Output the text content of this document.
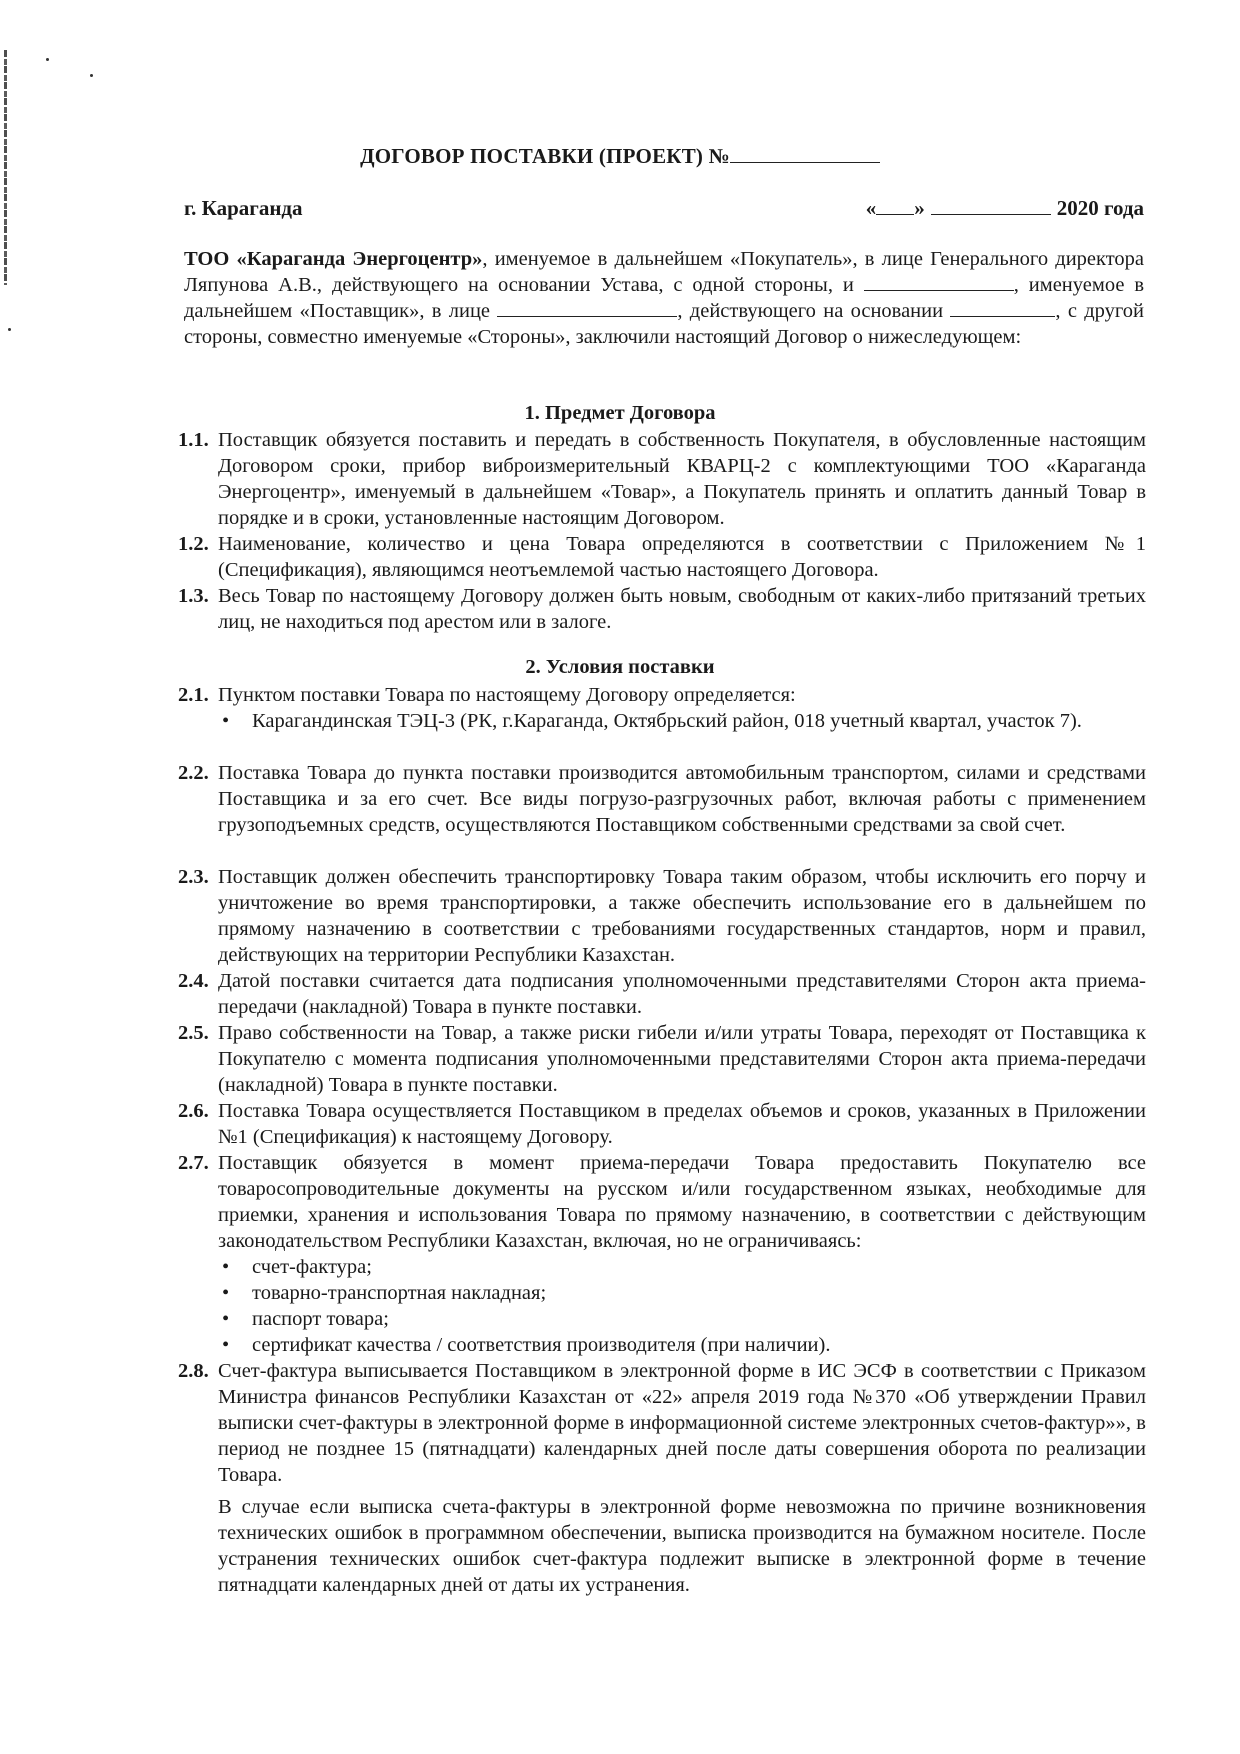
ДОГОВОР ПОСТАВКИ (ПРОЕКТ) №
г. Караганда	« »	2020 года
ТОО «Караганда Энергоцентр», именуемое в дальнейшем «Покупатель», в лице Генерального директора Ляпунова А.В., действующего на основании Устава, с одной стороны, и	, именуемое в дальнейшем «Поставщик», в лице	, действующего на основании	, с другой стороны, совместно именуемые «Стороны», заключили настоящий Договор о нижеследующем:
1. Предмет Договора
1.1. Поставщик обязуется поставить и передать в собственность Покупателя, в обусловленные настоящим Договором сроки, прибор виброизмерительный КВАРЦ-2 с комплектующими ТОО «Караганда Энергоцентр», именуемый в дальнейшем «Товар», а Покупатель принять и оплатить данный Товар в порядке и в сроки, установленные настоящим Договором.
1.2. Наименование, количество и цена Товара определяются в соответствии с Приложением №1 (Спецификация), являющимся неотъемлемой частью настоящего Договора.
1.3. Весь Товар по настоящему Договору должен быть новым, свободным от каких-либо притязаний третьих лиц, не находиться под арестом или в залоге.
2. Условия поставки
2.1. Пунктом поставки Товара по настоящему Договору определяется:
• Карагандинская ТЭЦ-3 (РК, г.Караганда, Октябрьский район, 018 учетный квартал, участок 7).
2.2. Поставка Товара до пункта поставки производится автомобильным транспортом, силами и средствами Поставщика и за его счет. Все виды погрузо-разгрузочных работ, включая работы с применением грузоподъемных средств, осуществляются Поставщиком собственными средствами за свой счет.
2.3. Поставщик должен обеспечить транспортировку Товара таким образом, чтобы исключить его порчу и уничтожение во время транспортировки, а также обеспечить использование его в дальнейшем по прямому назначению в соответствии с требованиями государственных стандартов, норм и правил, действующих на территории Республики Казахстан.
2.4. Датой поставки считается дата подписания уполномоченными представителями Сторон акта приема-передачи (накладной) Товара в пункте поставки.
2.5. Право собственности на Товар, а также риски гибели и/или утраты Товара, переходят от Поставщика к Покупателю с момента подписания уполномоченными представителями Сторон акта приема-передачи (накладной) Товара в пункте поставки.
2.6. Поставка Товара осуществляется Поставщиком в пределах объемов и сроков, указанных в Приложении №1 (Спецификация) к настоящему Договору.
2.7. Поставщик обязуется в момент приема-передачи Товара предоставить Покупателю все товаросопроводительные документы на русском и/или государственном языках, необходимые для приемки, хранения и использования Товара по прямому назначению, в соответствии с действующим законодательством Республики Казахстан, включая, но не ограничиваясь:
• счет-фактура;
• товарно-транспортная накладная;
• паспорт товара;
• сертификат качества / соответствия производителя (при наличии).
2.8. Счет-фактура выписывается Поставщиком в электронной форме в ИС ЭСФ в соответствии с Приказом Министра финансов Республики Казахстан от «22» апреля 2019 года №370 «Об утверждении Правил выписки счет-фактуры в электронной форме в информационной системе электронных счетов-фактур»», в период не позднее 15 (пятнадцати) календарных дней после даты совершения оборота по реализации Товара.
В случае если выписка счета-фактуры в электронной форме невозможна по причине возникновения технических ошибок в программном обеспечении, выписка производится на бумажном носителе. После устранения технических ошибок счет-фактура подлежит выписке в электронной форме в течение пятнадцати календарных дней от даты их устранения.
